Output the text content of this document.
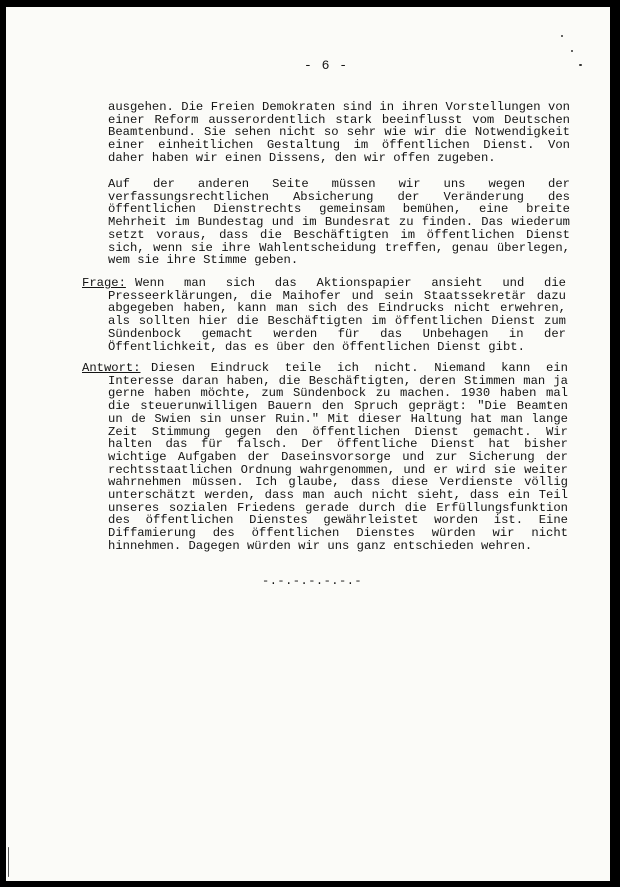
- 6 -

ausgehen. Die Freien Demokraten sind in ihren Vorstellungen von einer Reform ausserordentlich stark beeinflusst vom Deutschen Beamtenbund. Sie sehen nicht so sehr wie wir die Notwendigkeit einer einheitlichen Gestaltung im öffentlichen Dienst. Von daher haben wir einen Dissens, den wir offen zugeben.

Auf der anderen Seite müssen wir uns wegen der verfassungsrechtlichen Absicherung der Veränderung des öffentlichen Dienstrechts gemeinsam bemühen, eine breite Mehrheit im Bundestag und im Bundesrat zu finden. Das wiederum setzt voraus, dass die Beschäftigten im öffentlichen Dienst sich, wenn sie ihre Wahlentscheidung treffen, genau überlegen, wem sie ihre Stimme geben.

Frage: Wenn man sich das Aktionspapier ansieht und die Presseerklärungen, die Maihofer und sein Staatssekretär dazu abgegeben haben, kann man sich des Eindrucks nicht erwehren, als sollten hier die Beschäftigten im öffentlichen Dienst zum Sündenbock gemacht werden für das Unbehagen in der Öffentlichkeit, das es über den öffentlichen Dienst gibt.

Antwort: Diesen Eindruck teile ich nicht. Niemand kann ein Interesse daran haben, die Beschäftigten, deren Stimmen man ja gerne haben möchte, zum Sündenbock zu machen. 1930 haben mal die steuerunwilligen Bauern den Spruch geprägt: "Die Beamten un de Swien sin unser Ruin." Mit dieser Haltung hat man lange Zeit Stimmung gegen den öffentlichen Dienst gemacht. Wir halten das für falsch. Der öffentliche Dienst hat bisher wichtige Aufgaben der Daseinsvorsorge und zur Sicherung der rechtsstaatlichen Ordnung wahrgenommen, und er wird sie weiter wahrnehmen müssen. Ich glaube, dass diese Verdienste völlig unterschätzt werden, dass man auch nicht sieht, dass ein Teil unseres sozialen Friedens gerade durch die Erfüllungsfunktion des öffentlichen Dienstes gewährleistet worden ist. Eine Diffamierung des öffentlichen Dienstes würden wir nicht hinnehmen. Dagegen würden wir uns ganz entschieden wehren.

-.-.-.-.-.-.-
